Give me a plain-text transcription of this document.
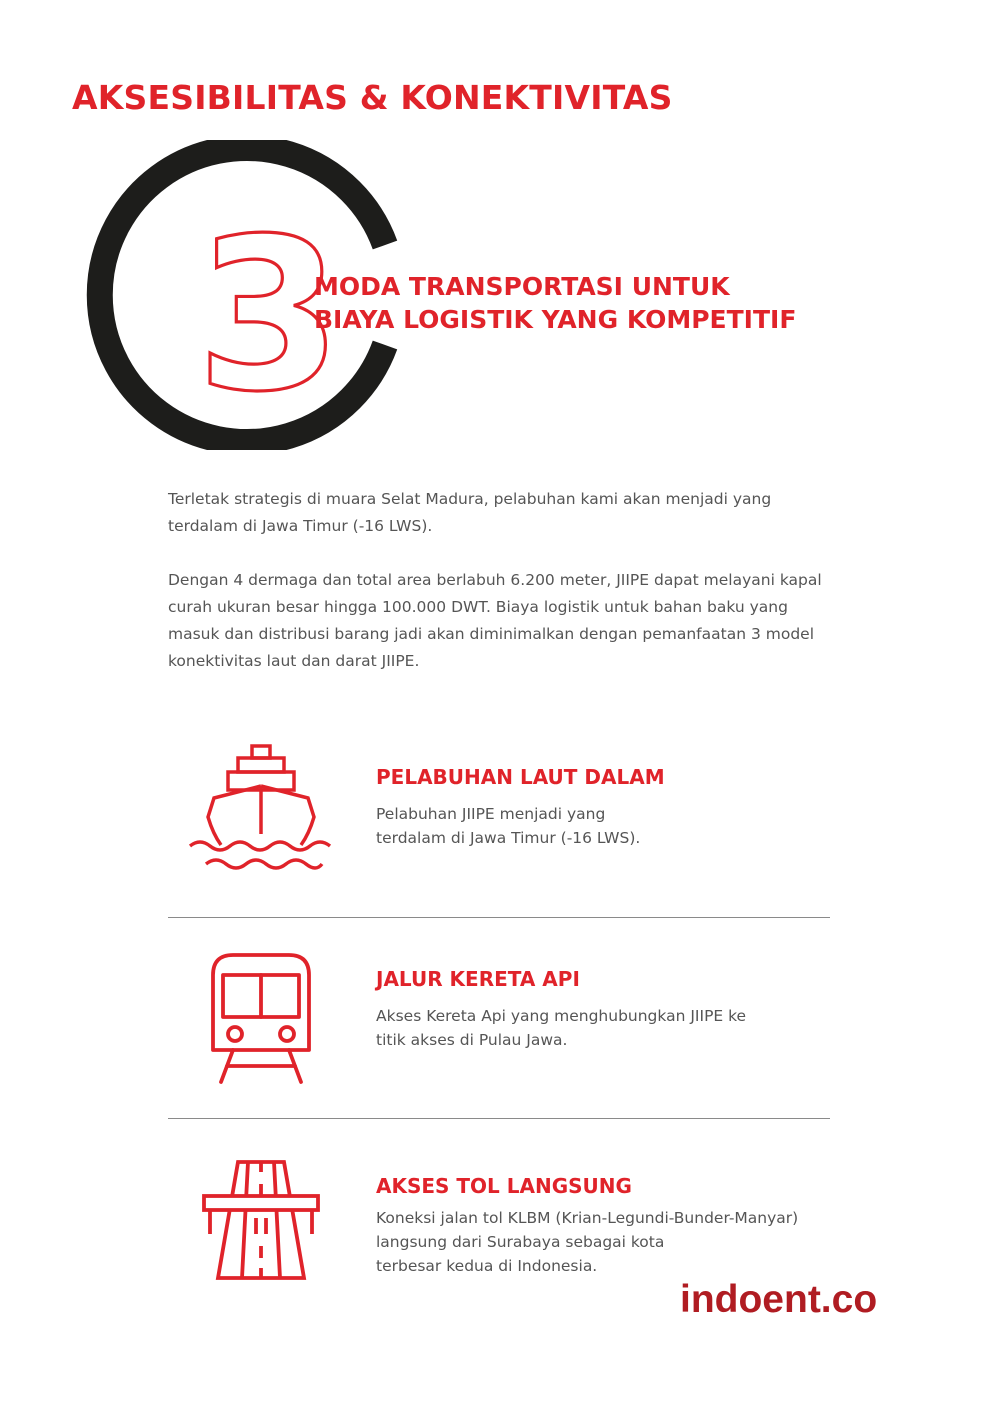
AKSESIBILITAS & KONEKTIVITAS
3
MODA TRANSPORTASI UNTUK
BIAYA LOGISTIK YANG KOMPETITIF

Terletak strategis di muara Selat Madura, pelabuhan kami akan menjadi yang terdalam di Jawa Timur (-16 LWS).

Dengan 4 dermaga dan total area berlabuh 6.200 meter, JIIPE dapat melayani kapal curah ukuran besar hingga 100.000 DWT. Biaya logistik untuk bahan baku yang masuk dan distribusi barang jadi akan diminimalkan dengan pemanfaatan 3 model konektivitas laut dan darat JIIPE.

PELABUHAN LAUT DALAM
Pelabuhan JIIPE menjadi yang
terdalam di Jawa Timur (-16 LWS).
JALUR KERETA API
Akses Kereta Api yang menghubungkan JIIPE ke
titik akses di Pulau Jawa.
AKSES TOL LANGSUNG
Koneksi jalan tol KLBM (Krian-Legundi-Bunder-Manyar)
langsung dari Surabaya sebagai kota
terbesar kedua di Indonesia.
indoent.co
